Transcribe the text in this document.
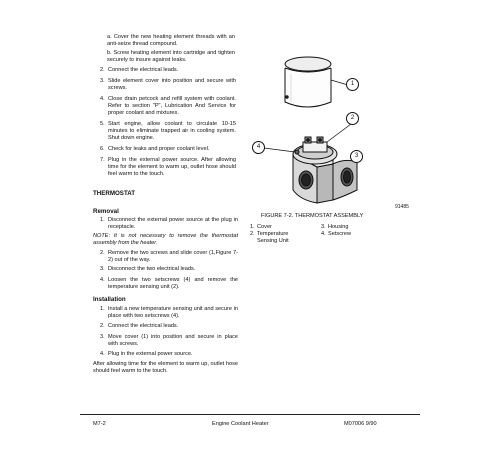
a. Cover the new heating element threads with an anti-seize thread compound.
b. Screw heating element into cartridge and tighten securely to insure against leaks.
2. Connect the electrical leads.
3. Slide element cover into position and secure with screws.
4. Close drain petcock and refill system with coolant. Refer to section "P", Lubrication And Service for proper coolant and mixtures.
5. Start engine, allow coolant to circulate 10-15 minutes to eliminate trapped air in cooling system. Shut down engine.
6. Check for leaks and proper coolant level.
7. Plug in the external power source. After allowing time for the element to warm up, outlet hose should feel warm to the touch.
THERMOSTAT
Removal
1. Disconnect the external power source at the plug in receptacle.
NOTE: It is not necessary to remove the thermostat assembly from the heater.
2. Remove the two screws and slide cover (1,Figure 7-2) out of the way.
3. Disconnect the two electrical leads.
4. Loosen the two setscrews (4) and remove the temperature sensing unit (2).
Installation
1. Install a new temperature sensing unit and secure in place with two setscrews (4).
2. Connect the electrical leads.
3. Move cover (1) into position and secure in place with screws.
4. Plug in the external power source.
After allowing time for the element to warm up, outlet hose should feel warm to the touch.
1
2
3
4
91485
FIGURE 7-2. THERMOSTAT ASSEMBLY
1. Cover
2. Temperature Sensing Unit
3. Housing
4. Setscrew
M7-2	Engine Coolant Heater	M07006 9/90
